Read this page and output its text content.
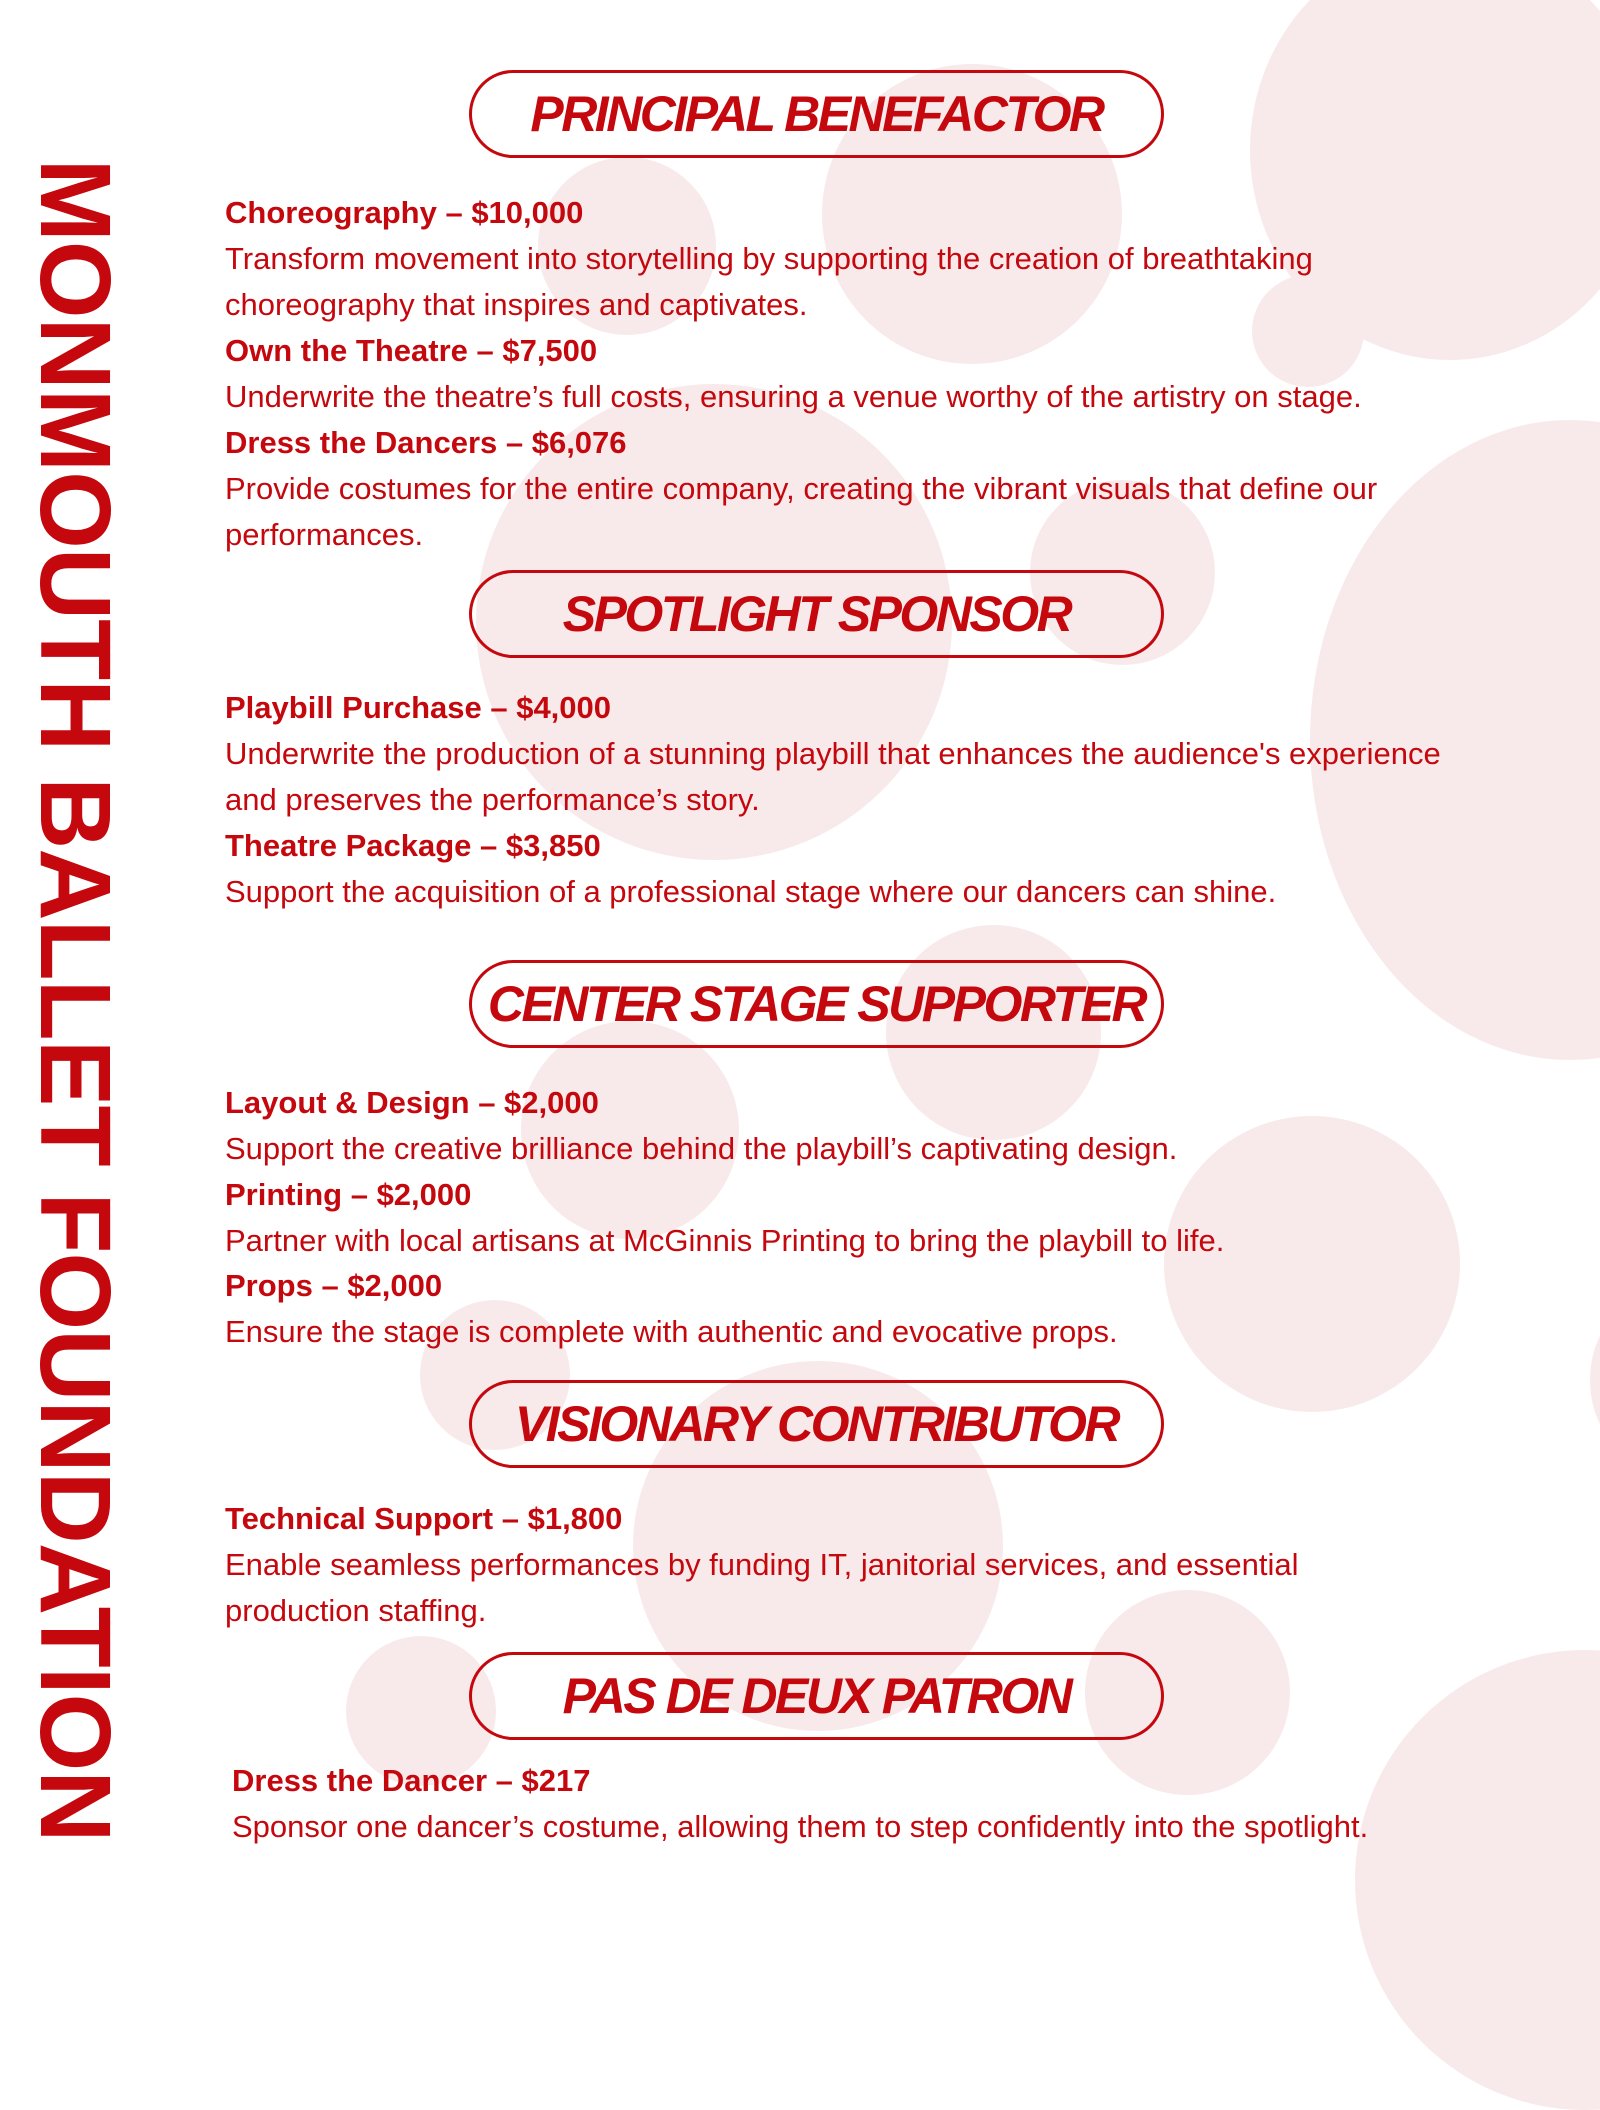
MONMOUTH BALLET FOUNDATION
PRINCIPAL BENEFACTOR
Choreography – $10,000

Transform movement into storytelling by supporting the creation of breathtaking choreography that inspires and captivates.

Own the Theatre – $7,500

Underwrite the theatre’s full costs, ensuring a venue worthy of the artistry on stage.

Dress the Dancers – $6,076

Provide costumes for the entire company, creating the vibrant visuals that define our performances.

SPOTLIGHT SPONSOR
Playbill Purchase – $4,000

Underwrite the production of a stunning playbill that enhances the audience's experience and preserves the performance’s story.

Theatre Package – $3,850

Support the acquisition of a professional stage where our dancers can shine.

CENTER STAGE SUPPORTER
Layout & Design – $2,000

Support the creative brilliance behind the playbill’s captivating design.

Printing – $2,000

Partner with local artisans at McGinnis Printing to bring the playbill to life.

Props – $2,000

Ensure the stage is complete with authentic and evocative props.

VISIONARY CONTRIBUTOR
Technical Support – $1,800

Enable seamless performances by funding IT, janitorial services, and essential production staffing.

PAS DE DEUX PATRON
Dress the Dancer – $217

Sponsor one dancer’s costume, allowing them to step confidently into the spotlight.
